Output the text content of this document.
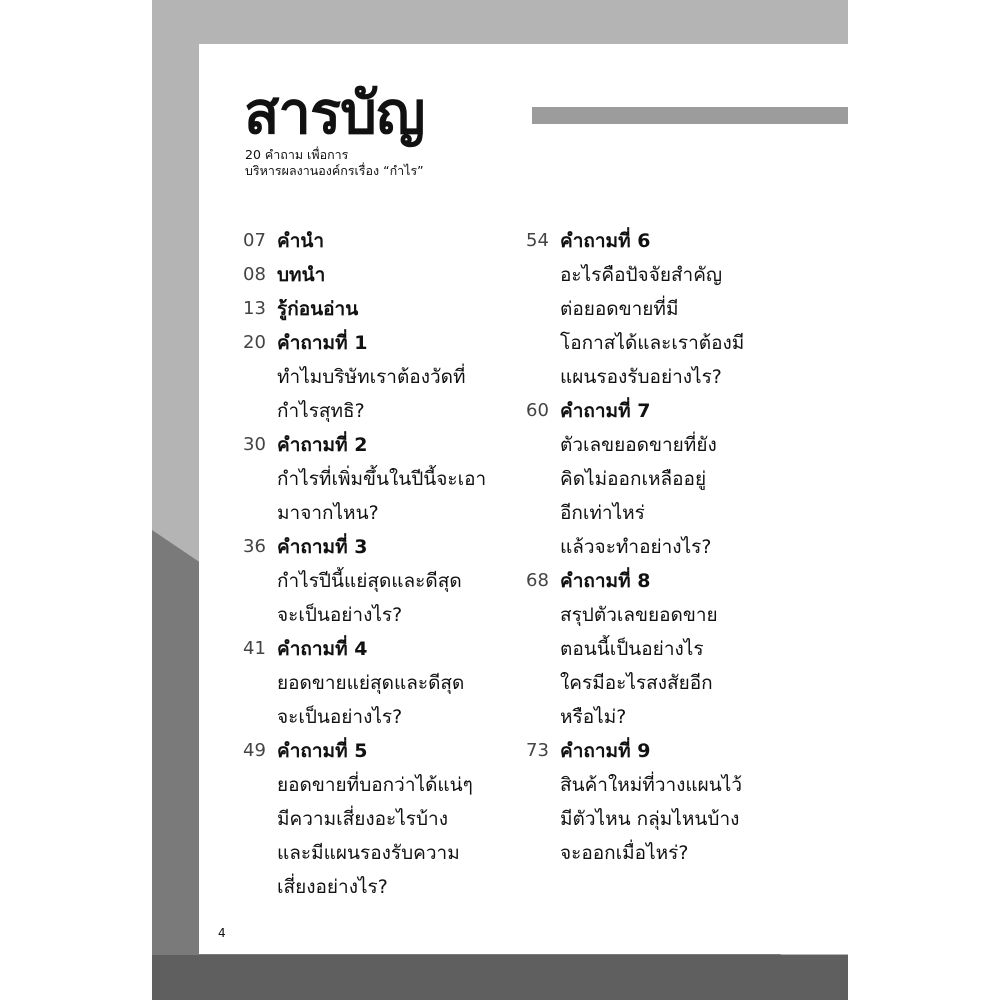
สารบัญ
20 คำถาม เพื่อการ
บริหารผลงานองค์กรเรื่อง “กำไร”
07 คำนำ
08 บทนำ
13 รู้ก่อนอ่าน
20 คำถามที่ 1
ทำไมบริษัทเราต้องวัดที่
กำไรสุทธิ?
30 คำถามที่ 2
กำไรที่เพิ่มขึ้นในปีนี้จะเอา
มาจากไหน?
36 คำถามที่ 3
กำไรปีนี้แย่สุดและดีสุด
จะเป็นอย่างไร?
41 คำถามที่ 4
ยอดขายแย่สุดและดีสุด
จะเป็นอย่างไร?
49 คำถามที่ 5
ยอดขายที่บอกว่าได้แน่ๆ
มีความเสี่ยงอะไรบ้าง
และมีแผนรองรับความ
เสี่ยงอย่างไร?
54 คำถามที่ 6
อะไรคือปัจจัยสำคัญ
ต่อยอดขายที่มี
โอกาสได้และเราต้องมี
แผนรองรับอย่างไร?
60 คำถามที่ 7
ตัวเลขยอดขายที่ยัง
คิดไม่ออกเหลืออยู่
อีกเท่าไหร่
แล้วจะทำอย่างไร?
68 คำถามที่ 8
สรุปตัวเลขยอดขาย
ตอนนี้เป็นอย่างไร
ใครมีอะไรสงสัยอีก
หรือไม่?
73 คำถามที่ 9
สินค้าใหม่ที่วางแผนไว้
มีตัวไหน กลุ่มไหนบ้าง
จะออกเมื่อไหร่?
4
